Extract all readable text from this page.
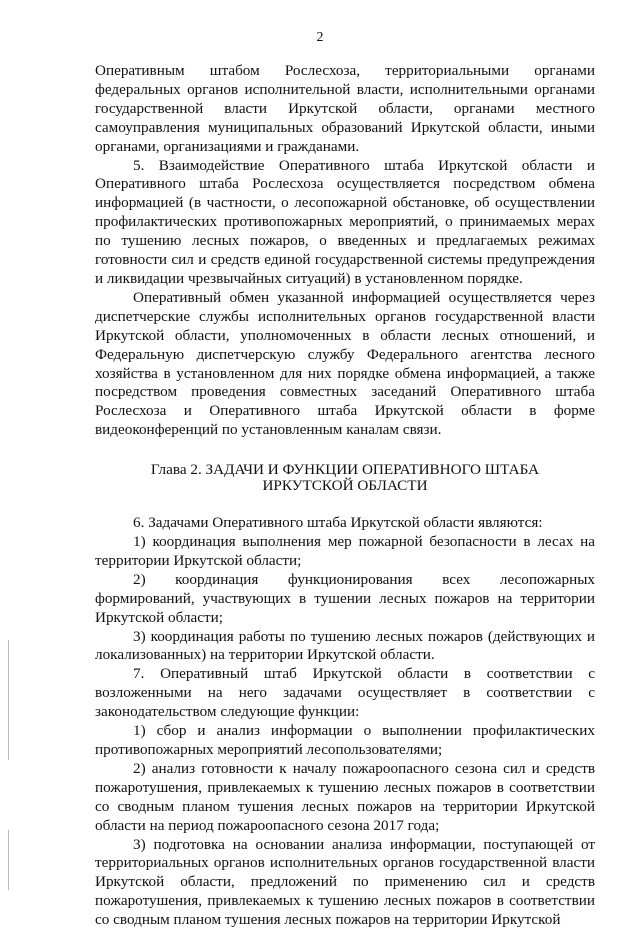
2

Оперативным штабом Рослесхоза, территориальными органами федеральных органов исполнительной власти, исполнительными органами государственной власти Иркутской области, органами местного самоуправления муниципальных образований Иркутской области, иными органами, организациями и гражданами.

5. Взаимодействие Оперативного штаба Иркутской области и Оперативного штаба Рослесхоза осуществляется посредством обмена информацией (в частности, о лесопожарной обстановке, об осуществлении профилактических противопожарных мероприятий, о принимаемых мерах по тушению лесных пожаров, о введенных и предлагаемых режимах готовности сил и средств единой государственной системы предупреждения и ликвидации чрезвычайных ситуаций) в установленном порядке.

Оперативный обмен указанной информацией осуществляется через диспетчерские службы исполнительных органов государственной власти Иркутской области, уполномоченных в области лесных отношений, и Федеральную диспетчерскую службу Федерального агентства лесного хозяйства в установленном для них порядке обмена информацией, а также посредством проведения совместных заседаний Оперативного штаба Рослесхоза и Оперативного штаба Иркутской области в форме видеоконференций по установленным каналам связи.

Глава 2. ЗАДАЧИ И ФУНКЦИИ ОПЕРАТИВНОГО ШТАБА
ИРКУТСКОЙ ОБЛАСТИ

6. Задачами Оперативного штаба Иркутской области являются:

1) координация выполнения мер пожарной безопасности в лесах на территории Иркутской области;

2) координация функционирования всех лесопожарных формирований, участвующих в тушении лесных пожаров на территории Иркутской области;

3) координация работы по тушению лесных пожаров (действующих и локализованных) на территории Иркутской области.

7. Оперативный штаб Иркутской области в соответствии с возложенными на него задачами осуществляет в соответствии с законодательством следующие функции:

1) сбор и анализ информации о выполнении профилактических противопожарных мероприятий лесопользователями;

2) анализ готовности к началу пожароопасного сезона сил и средств пожаротушения, привлекаемых к тушению лесных пожаров в соответствии со сводным планом тушения лесных пожаров на территории Иркутской области на период пожароопасного сезона 2017 года;

3) подготовка на основании анализа информации, поступающей от территориальных органов исполнительных органов государственной власти Иркутской области, предложений по применению сил и средств пожаротушения, привлекаемых к тушению лесных пожаров в соответствии со сводным планом тушения лесных пожаров на территории Иркутской
